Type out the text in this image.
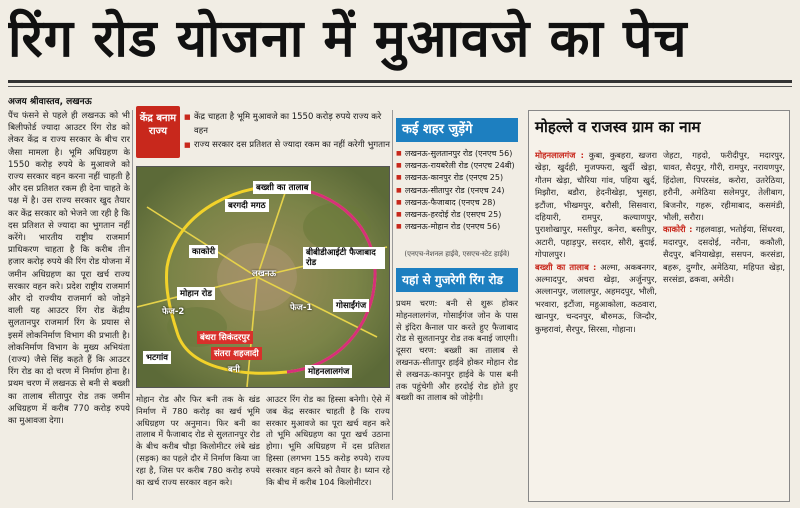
रिंग रोड योजना में मुआवजे का पेच
अजय श्रीवास्तव, लखनऊ
पैंच फंसने से पहले ही लखनऊ को भी बिलीफोर्ड ज्यादा आउटर रिंग रोड को लेकर केंद्र व राज्य सरकार के बीच रार जैसा मामला है। भूमि अधिग्रहण के 1550 करोड़ रुपये के मुआवजे को राज्य सरकार वहन करना नहीं चाहती है और दस प्रतिशत रकम ही देना चाहते के पक्ष में है। उस राज्य सरकार खुद तैयार कर केंद्र सरकार को भेजने जा रही है कि दस प्रतिशत से ज्यादा का भुगतान नहीं करेंगे। भारतीय राष्ट्रीय राजमार्ग प्राधिकरण चाहता है कि करीब तीन हजार करोड़ रुपये की रिंग रोड योजना में जमीन अधिग्रहण का पूरा खर्च राज्य सरकार वहन करे। प्रदेश राष्ट्रीय राजमार्ग और दो राज्यीय राजमार्ग को जोड़ने वाली यह आउटर रिंग रोड केंद्रीय सुलतानपुर राजमार्ग रिंग के प्रयास से इसमें लोकनिर्माण विभाग की प्रभाती है। लोकनिर्माण विभाग के मुख्य अभियंता (राज्य) जैसे सिंह कहते हैं कि आउटर रिंग रोड का दो चरण में निर्माण होना है। प्रथम चरण में लखनऊ से बनी से बख्शी का तालाब सीतापुर रोड तक जमीन अधिग्रहण में करीब 770 करोड़ रुपये का मुआवजा देगा।
केंद्र बनाम राज्य
■ केंद्र चाहता है भूमि मुआवजे का 1550 करोड़ रुपये राज्य करे वहन
■ राज्य सरकार दस प्रतिशत से ज्यादा रकम का नहीं करेगी भुगतान
बख्शी का तालाब
बरगदी मगठ
काकोरी
लखनऊ
बीबीडीआईटी फैजाबाद रोड
मोहान रोड
फेज-2	फेज-1	गोसाईंगंज
बंथरा सिकंदरपुर
संतरा शहजादी
बनी
भटगांव
मोहनलालगंज
मोहान रोड और फिर बनी तक के खंड निर्माण में 780 करोड़ का खर्च भूमि अधिग्रहण पर अनुमान। फिर बनी का तालाब में फैजाबाद रोड से सुलतानपुर रोड के बीच करीब चौड़ा किलोमीटर लंबे खंड (सड़क) का पहले दौर में निर्माण किया जा रहा है, जिस पर करीब 780 करोड़ रुपये का खर्च राज्य सरकार वहन करे।
आउटर रिंग रोड का हिस्सा बनेगी। ऐसे में जब केंद्र सरकार चाहती है कि राज्य सरकार मुआवजे का पूरा खर्च वहन करे तो भूमि अधिग्रहण का पूरा खर्च उठाना होगा। भूमि अधिग्रहण में दस प्रतिशत हिस्सा (लगभग 155 करोड़ रुपये) राज्य सरकार वहन करने को तैयार है। ध्यान रहे कि बीच में करीब 104 किलोमीटर।
कई शहर जुड़ेंगे
■ लखनऊ-सुलतानपुर रोड (एनएच 56)
■ लखनऊ-रायबरेली रोड (एनएच 24बी)
■ लखनऊ-कानपुर रोड (एनएच 25)
■ लखनऊ-सीतापुर रोड (एनएच 24)
■ लखनऊ-फैजाबाद (एनएच 28)
■ लखनऊ-हरदोई रोड (एसएच 25)
■ लखनऊ-मोहान रोड (एनएच 56)
(एनएच-नेशनल हाईवे, एसएच-स्टेट हाईवे)
यहां से गुजरेगी रिंग रोड
प्रथम चरण: बनी से शुरू होकर मोहनलालगंज, गोसाईंगंज जोन के पास से इंदिरा कैनाल पार करते हुए फैजाबाद रोड से सुलतानपुर रोड तक बनाई जाएगी। दूसरा चरण: बख्शी का तालाब से लखनऊ-सीतापुर हाईवे होकर मोहान रोड से लखनऊ-कानपुर हाईवे के पास बनी तक पहुंचेगी और हरदोई रोड होते हुए बख्शी का तालाब को जोड़ेगी।
मोहल्ले व राजस्व ग्राम का नाम
मोहनलालगंज : कुबा, कुबहरा, खजरा खेड़ा, खुर्दही, मुजफ्फरा, खुर्दी खेड़ा, गौतम खेड़ा, चौरिया गांव, पहिया खुर्द, मिझौरा, बडौरा, हेदनीखेड़ा, भुसहा, इटौंजा, भीखमपुर, बरौसी, सिसवारा, दहियारी, रामपुर, कल्याणपुर, पुराशोखापुर, मस्तीपुर, कनेरा, बस्तीपुर, अटारी, पहाड़पुर, सरदार, सौरी, बुदाई, गोपालपुर।
बख्शी का तालाब : अल्मा, अकबनगर, अल्मादपुर, अचरा खेड़ा, अर्जुनपुर, अल्लानपुर, जलालपुर, अहमदपुर, भौली, भरवारा, इटौंजा, महुआकोला, कठवारा, खानपुर, चन्दनपुर, बौरुमऊ, जिन्दौर, कुम्हरावां, सैरपुर, सिरसा, गोहाना।
जेहटा, गहदो, फरीदीपुर, मदारपुर, धावत, सैदपुर, गौरी, रामपुर, नरायणपुर, हिंदोला, पिपरसंड, करोरा, उतरेठिया, हरौनी, अमेठिया सलेमपुर, तेलीबाग, बिजनौर, गहरू, रहीमाबाद, कसमंडी, भौली, सरौरा।
काकोरी : गहलवाड़ा, भतोईया, सिंधरवा, मदारपुर, दसदोई, नरौना, ककौली, सैदपुर, बनियाखेड़ा, ससपन, करसंडा, बहरू, दुग्गौर, अमेठिया, महिपत खेड़ा, सरसंडा, ढकवा, अमेठी।
